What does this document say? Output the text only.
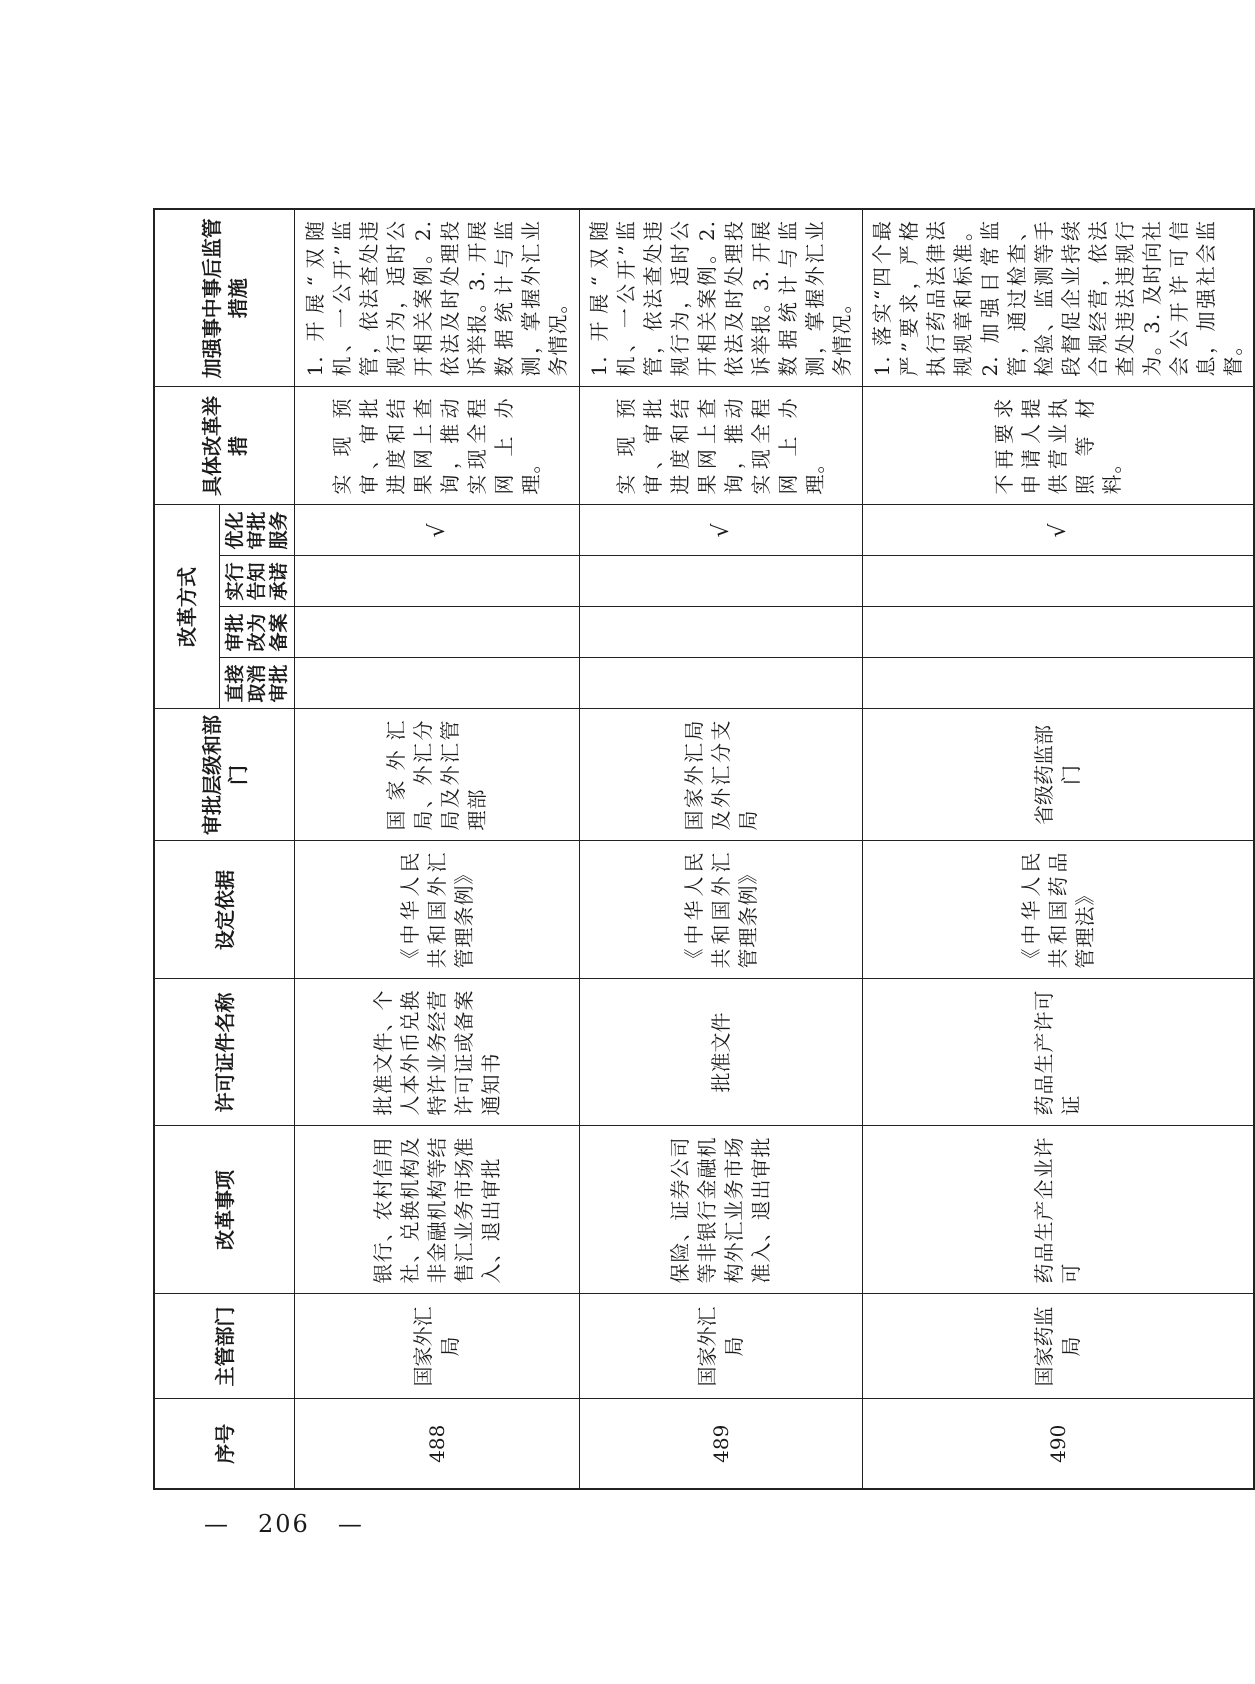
序号	主管部门	改革事项	许可证件名称	设定依据	审批层级和部门	改革方式				具体改革举措	加强事中事后监管措施
						直接取消审批	审批改为备案	实行告知承诺	优化审批服务		
488	国家外汇局	银行、农村信用社、兑换机构及非金融机构等结售汇业务市场准入、退出审批	批准文件、个人本外币兑换特许业务经营许可证或备案通知书	《中华人民共和国外汇管理条例》	国家外汇局、外汇分局及外汇管理部				√	实现预审、审批进度和结果网上查询，推动实现全程网上办理。	1. 开展“双随机、一公开”监管，依法查处违规行为，适时公开相关案例。2. 依法及时处理投诉举报。3. 开展数据统计与监测，掌握外汇业务情况。
489	国家外汇局	保险、证券公司等非银行金融机构外汇业务市场准入、退出审批	批准文件	《中华人民共和国外汇管理条例》	国家外汇局及外汇分支局				√	实现预审、审批进度和结果网上查询，推动实现全程网上办理。	1. 开展“双随机、一公开”监管，依法查处违规行为，适时公开相关案例。2. 依法及时处理投诉举报。3. 开展数据统计与监测，掌握外汇业务情况。
490	国家药监局	药品生产企业许可	药品生产许可证	《中华人民共和国药品管理法》	省级药监部门				√	不再要求申请人提供营业执照等材料。	1. 落实“四个最严”要求，严格执行药品法律法规规章和标准。2. 加强日常监管，通过检查、检验、监测等手段督促企业持续合规经营，依法查处违法违规行为。3. 及时向社会公开许可信息，加强社会监督。
— 206 —
